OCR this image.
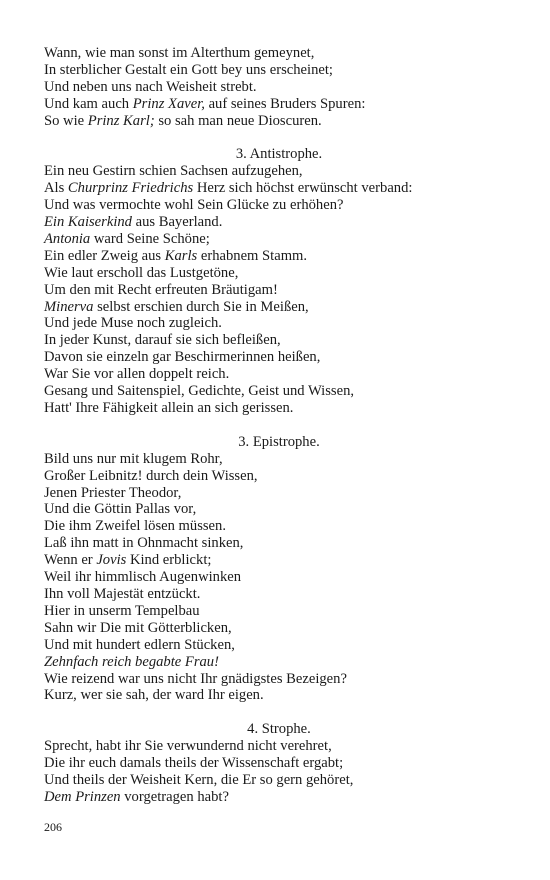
Wann, wie man sonst im Alterthum gemeynet,
In sterblicher Gestalt ein Gott bey uns erscheinet;
Und neben uns nach Weisheit strebt.
Und kam auch Prinz Xaver, auf seines Bruders Spuren:
So wie Prinz Karl; so sah man neue Dioscuren.
3. Antistrophe.
Ein neu Gestirn schien Sachsen aufzugehen,
Als Churprinz Friedrichs Herz sich höchst erwünscht verband:
Und was vermochte wohl Sein Glücke zu erhöhen?
Ein Kaiserkind aus Bayerland.
Antonia ward Seine Schöne;
Ein edler Zweig aus Karls erhabnem Stamm.
Wie laut erscholl das Lustgetöne,
Um den mit Recht erfreuten Bräutigam!
Minerva selbst erschien durch Sie in Meißen,
Und jede Muse noch zugleich.
In jeder Kunst, darauf sie sich befleißen,
Davon sie einzeln gar Beschirmerinnen heißen,
War Sie vor allen doppelt reich.
Gesang und Saitenspiel, Gedichte, Geist und Wissen,
Hatt' Ihre Fähigkeit allein an sich gerissen.
3. Epistrophe.
Bild uns nur mit klugem Rohr,
Großer Leibnitz! durch dein Wissen,
Jenen Priester Theodor,
Und die Göttin Pallas vor,
Die ihm Zweifel lösen müssen.
Laß ihn matt in Ohnmacht sinken,
Wenn er Jovis Kind erblickt;
Weil ihr himmlisch Augenwinken
Ihn voll Majestät entzückt.
Hier in unserm Tempelbau
Sahn wir Die mit Götterblicken,
Und mit hundert edlern Stücken,
Zehnfach reich begabte Frau!
Wie reizend war uns nicht Ihr gnädigstes Bezeigen?
Kurz, wer sie sah, der ward Ihr eigen.
4. Strophe.
Sprecht, habt ihr Sie verwundernd nicht verehret,
Die ihr euch damals theils der Wissenschaft ergabt;
Und theils der Weisheit Kern, die Er so gern gehöret,
Dem Prinzen vorgetragen habt?
206
